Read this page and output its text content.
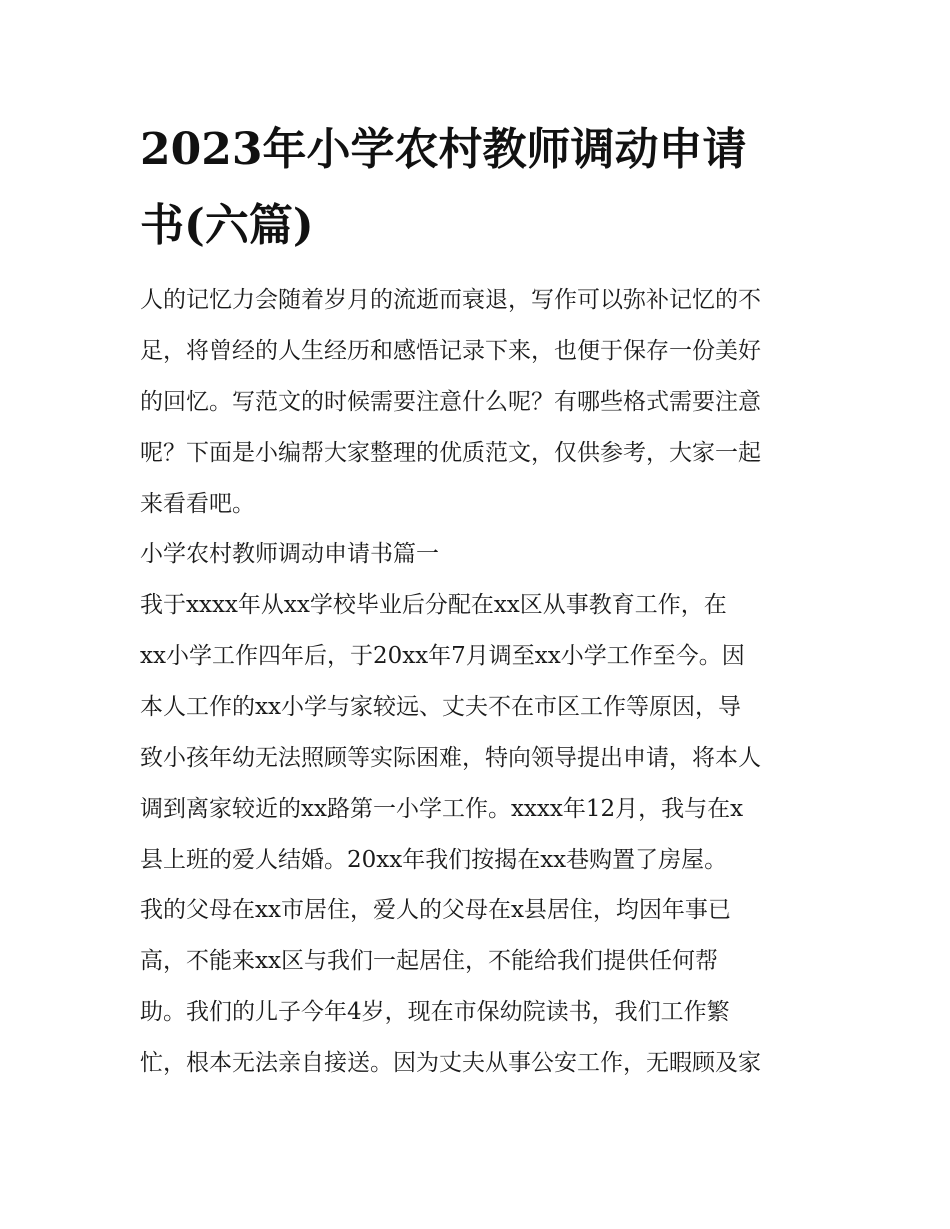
2023年小学农村教师调动申请
书(六篇)

人的记忆力会随着岁月的流逝而衰退，写作可以弥补记忆的不

足，将曾经的人生经历和感悟记录下来，也便于保存一份美好

的回忆。写范文的时候需要注意什么呢？有哪些格式需要注意

呢？下面是小编帮大家整理的优质范文，仅供参考，大家一起

来看看吧。

小学农村教师调动申请书篇一

我于xxxx年从xx学校毕业后分配在xx区从事教育工作，在

xx小学工作四年后，于20xx年7月调至xx小学工作至今。因

本人工作的xx小学与家较远、丈夫不在市区工作等原因，导

致小孩年幼无法照顾等实际困难，特向领导提出申请，将本人

调到离家较近的xx路第一小学工作。xxxx年12月，我与在x

县上班的爱人结婚。20xx年我们按揭在xx巷购置了房屋。

我的父母在xx市居住，爱人的父母在x县居住，均因年事已

高，不能来xx区与我们一起居住，不能给我们提供任何帮

助。我们的儿子今年4岁，现在市保幼院读书，我们工作繁

忙，根本无法亲自接送。因为丈夫从事公安工作，无暇顾及家
